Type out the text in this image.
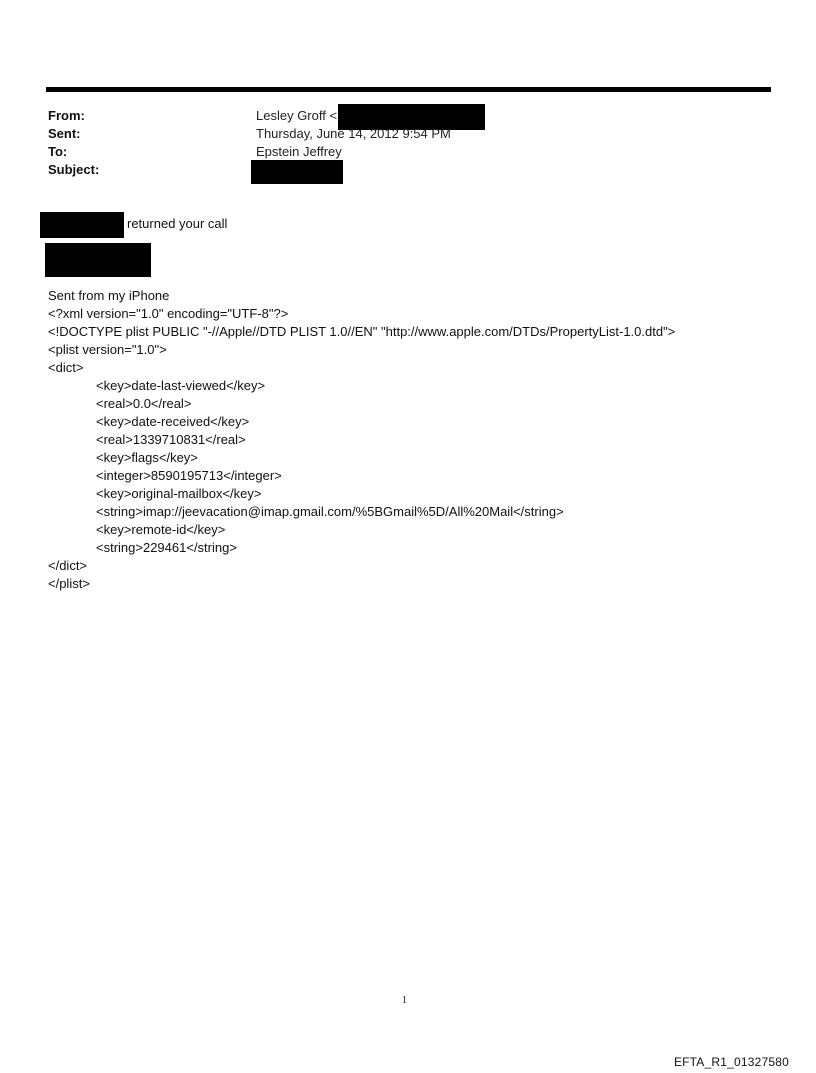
From:	Lesley Groff <
Sent:	Thursday, June 14, 2012 9:54 PM
To:	Epstein Jeffrey
Subject:
returned your call
Sent from my iPhone
<?xml version="1.0" encoding="UTF-8"?>
<!DOCTYPE plist PUBLIC "-//Apple//DTD PLIST 1.0//EN" "http://www.apple.com/DTDs/PropertyList-1.0.dtd">
<plist version="1.0">
<dict>
<key>date-last-viewed</key>
<real>0.0</real>
<key>date-received</key>
<real>1339710831</real>
<key>flags</key>
<integer>8590195713</integer>
<key>original-mailbox</key>
<string>imap://jeevacation@imap.gmail.com/%5BGmail%5D/All%20Mail</string>
<key>remote-id</key>
<string>229461</string>
</dict>
</plist>
1
EFTA_R1_01327580
